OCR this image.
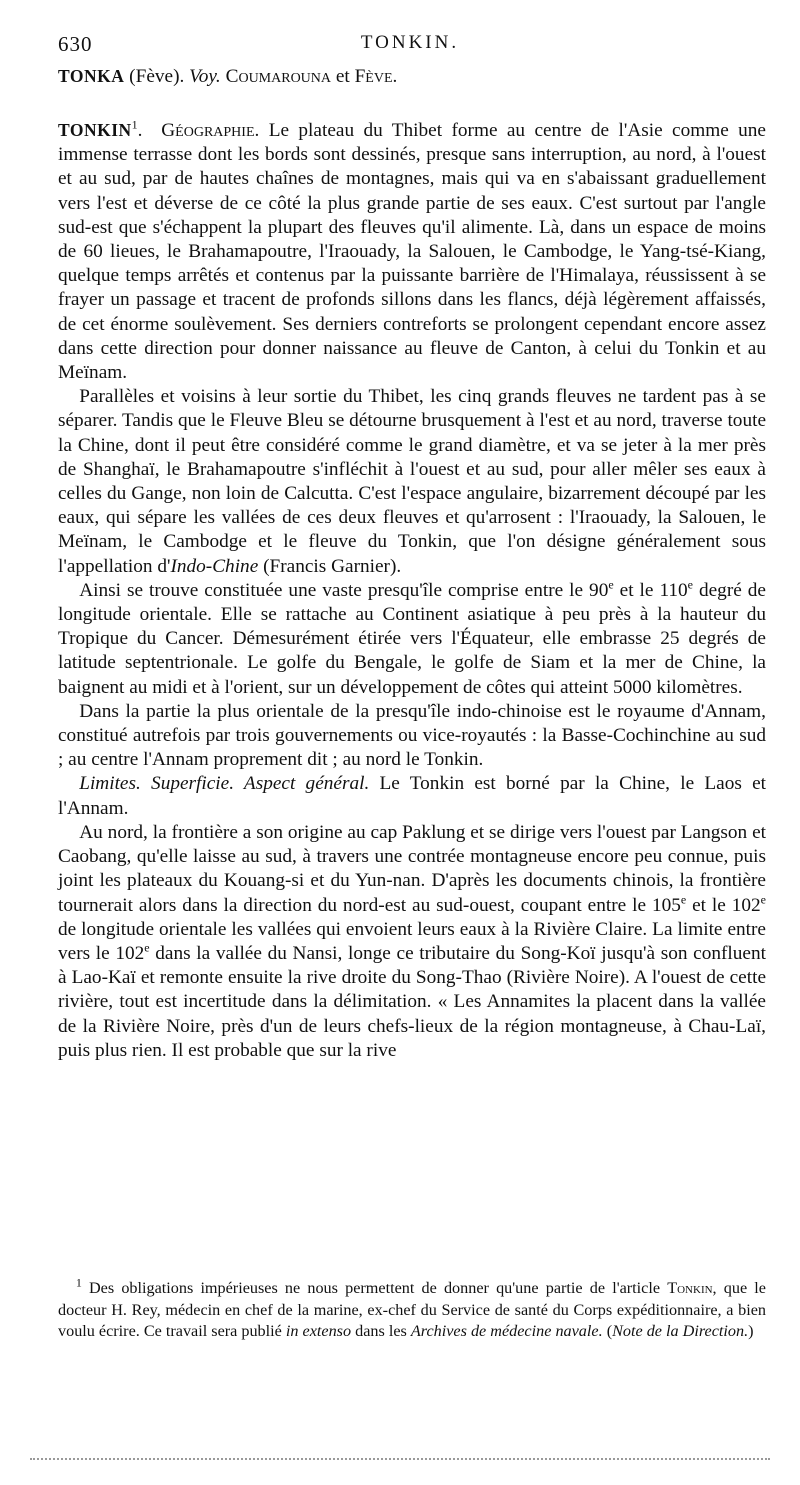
630	TONKIN.
TONKA (Fève). Voy. Coumarouna et Fève.

TONKIN$^1$.  Géographie. Le plateau du Thibet forme au centre de l'Asie comme une immense terrasse dont les bords sont dessinés, presque sans interruption, au nord, à l'ouest et au sud, par de hautes chaînes de montagnes, mais qui va en s'abaissant graduellement vers l'est et déverse de ce côté la plus grande partie de ses eaux. C'est surtout par l'angle sud-est que s'échappent la plupart des fleuves qu'il alimente. Là, dans un espace de moins de 60 lieues, le Brahamapoutre, l'Iraouady, la Salouen, le Cambodge, le Yang-tsé-Kiang, quelque temps arrêtés et contenus par la puissante barrière de l'Himalaya, réussissent à se frayer un passage et tracent de profonds sillons dans les flancs, déjà légèrement affaissés, de cet énorme soulèvement. Ses derniers contreforts se prolongent cependant encore assez dans cette direction pour donner naissance au fleuve de Canton, à celui du Tonkin et au Meïnam.

Parallèles et voisins à leur sortie du Thibet, les cinq grands fleuves ne tardent pas à se séparer. Tandis que le Fleuve Bleu se détourne brusquement à l'est et au nord, traverse toute la Chine, dont il peut être considéré comme le grand diamètre, et va se jeter à la mer près de Shanghaï, le Brahamapoutre s'infléchit à l'ouest et au sud, pour aller mêler ses eaux à celles du Gange, non loin de Calcutta. C'est l'espace angulaire, bizarrement découpé par les eaux, qui sépare les vallées de ces deux fleuves et qu'arrosent : l'Iraouady, la Salouen, le Meïnam, le Cambodge et le fleuve du Tonkin, que l'on désigne généralement sous l'appellation d'Indo-Chine (Francis Garnier).

Ainsi se trouve constituée une vaste presqu'île comprise entre le 90e et le 110e degré de longitude orientale. Elle se rattache au Continent asiatique à peu près à la hauteur du Tropique du Cancer. Démesurément étirée vers l'Équateur, elle embrasse 25 degrés de latitude septentrionale. Le golfe du Bengale, le golfe de Siam et la mer de Chine, la baignent au midi et à l'orient, sur un développement de côtes qui atteint 5000 kilomètres.

Dans la partie la plus orientale de la presqu'île indo-chinoise est le royaume d'Annam, constitué autrefois par trois gouvernements ou vice-royautés : la Basse-Cochinchine au sud ; au centre l'Annam proprement dit ; au nord le Tonkin.

Limites. Superficie. Aspect général. Le Tonkin est borné par la Chine, le Laos et l'Annam.

Au nord, la frontière a son origine au cap Paklung et se dirige vers l'ouest par Langson et Caobang, qu'elle laisse au sud, à travers une contrée montagneuse encore peu connue, puis joint les plateaux du Kouang-si et du Yun-nan. D'après les documents chinois, la frontière tournerait alors dans la direction du nord-est au sud-ouest, coupant entre le 105e et le 102e de longitude orientale les vallées qui envoient leurs eaux à la Rivière Claire. La limite entre vers le 102e dans la vallée du Nansi, longe ce tributaire du Song-Koï jusqu'à son confluent à Lao-Kaï et remonte ensuite la rive droite du Song-Thao (Rivière Noire). A l'ouest de cette rivière, tout est incertitude dans la délimitation. « Les Annamites la placent dans la vallée de la Rivière Noire, près d'un de leurs chefs-lieux de la région montagneuse, à Chau-Laï, puis plus rien. Il est probable que sur la rive

$^1$ Des obligations impérieuses ne nous permettent de donner qu'une partie de l'article Tonkin, que le docteur H. Rey, médecin en chef de la marine, ex-chef du Service de santé du Corps expéditionnaire, a bien voulu écrire. Ce travail sera publié in extenso dans les Archives de médecine navale. (Note de la Direction.)
